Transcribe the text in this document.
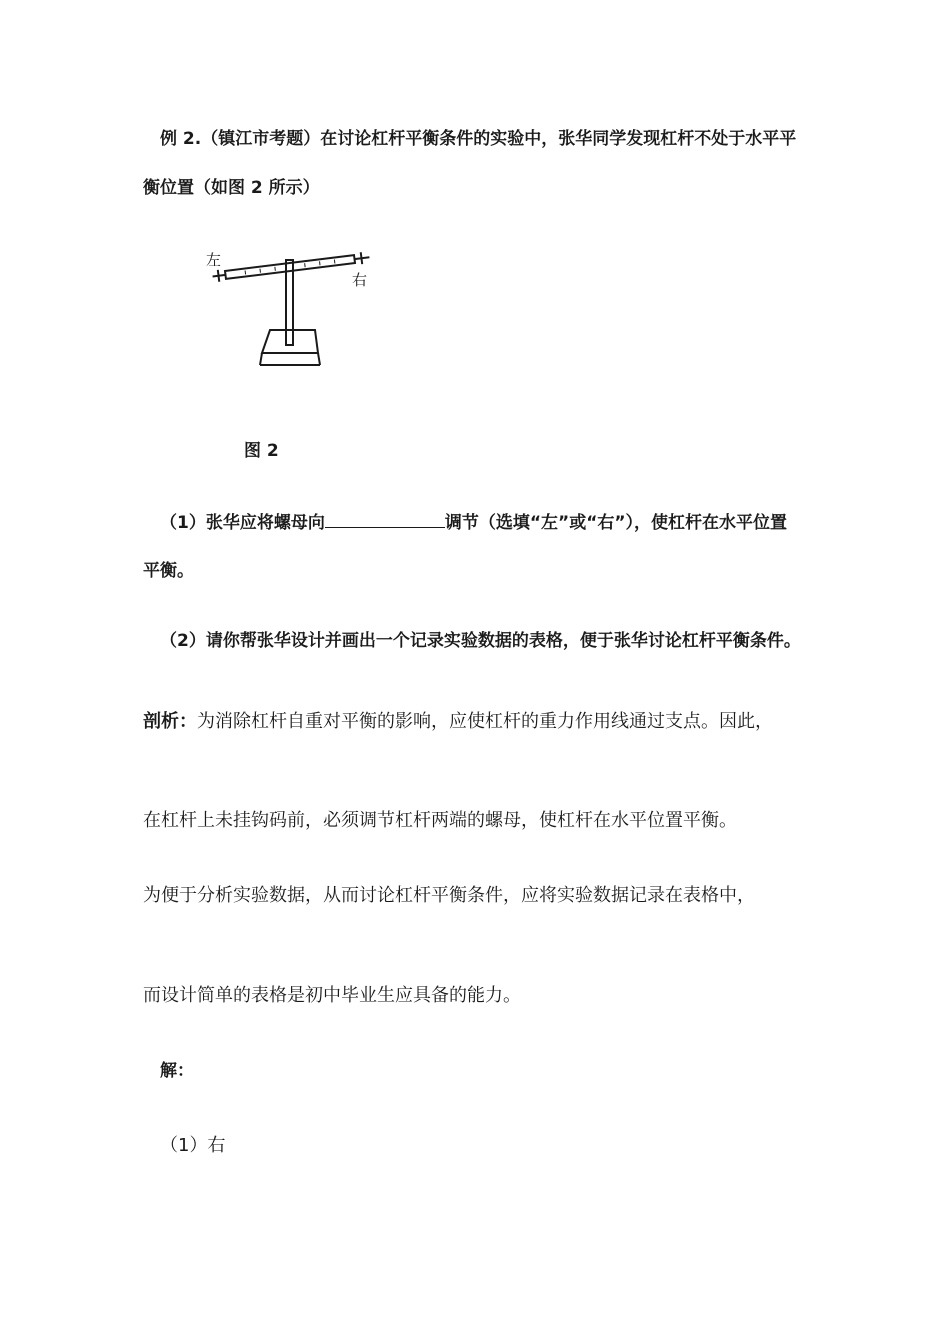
例 2.（镇江市考题）在讨论杠杆平衡条件的实验中，张华同学发现杠杆不处于水平平
衡位置（如图 2 所示）
左
右
图 2
（1）张华应将螺母向	调节（选填“左”或“右”），使杠杆在水平位置
平衡。
（2）请你帮张华设计并画出一个记录实验数据的表格，便于张华讨论杠杆平衡条件。
剖析：为消除杠杆自重对平衡的影响，应使杠杆的重力作用线通过支点。因此，
在杠杆上未挂钩码前，必须调节杠杆两端的螺母，使杠杆在水平位置平衡。
为便于分析实验数据，从而讨论杠杆平衡条件，应将实验数据记录在表格中，
而设计简单的表格是初中毕业生应具备的能力。
解：
（1）右
